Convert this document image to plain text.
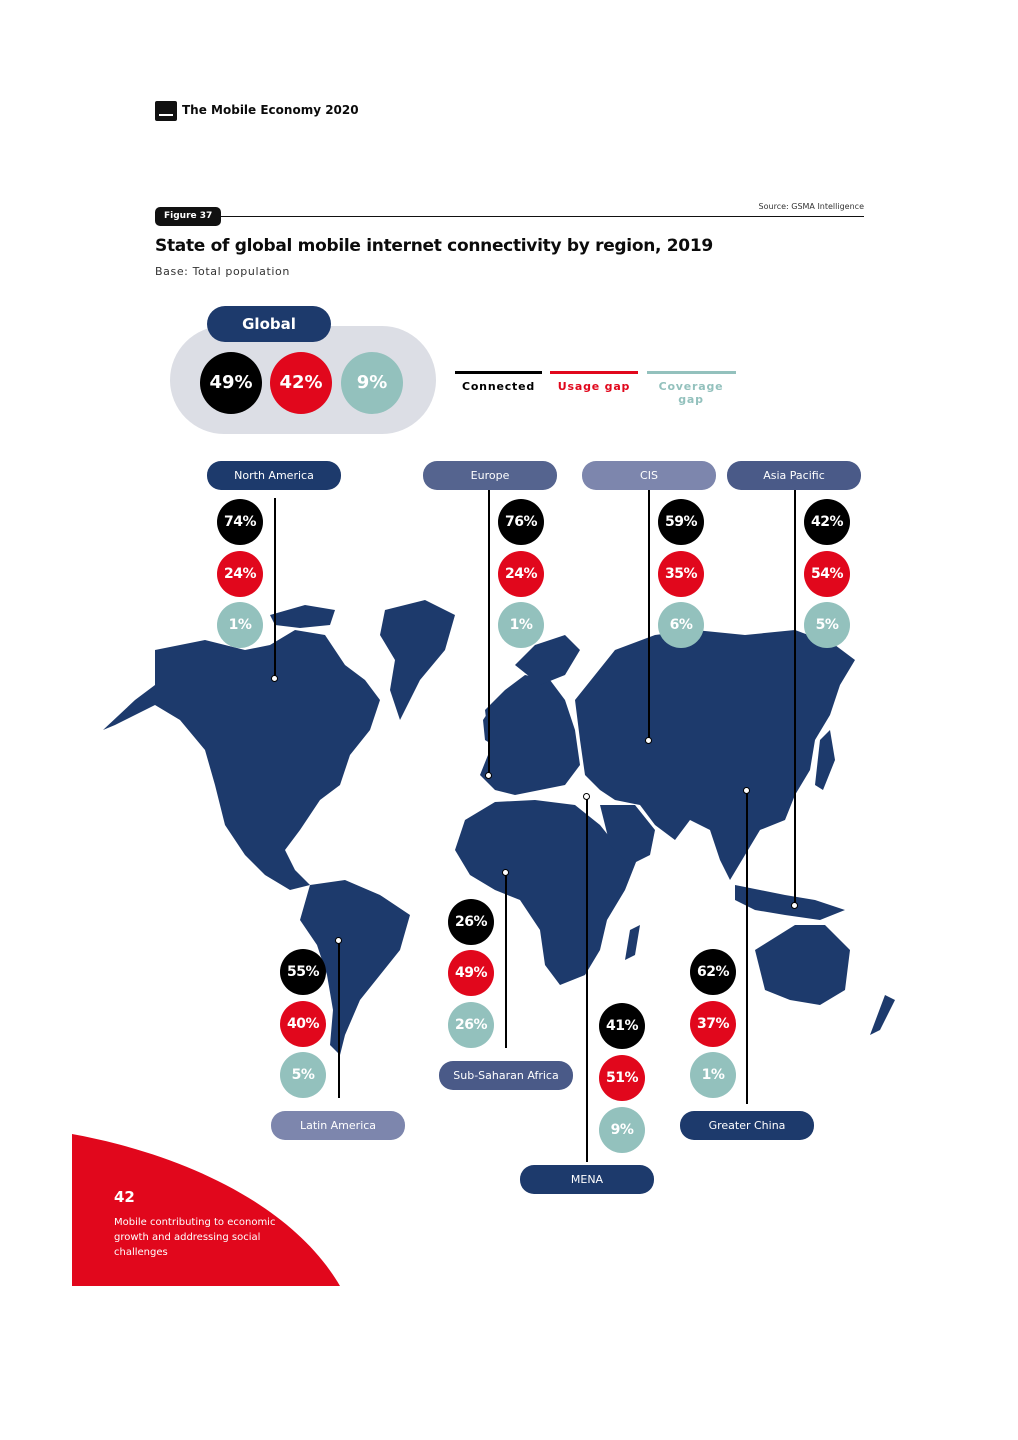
The Mobile Economy 2020
Figure 37
Source: GSMA Intelligence
State of global mobile internet connectivity by region, 2019
Base: Total population
Global
49%	42%	9%	Connected	Usage gap	Coverage gap
North America	Europe	CIS	Asia Pacific
74%
24%
1%
76%
24%
1%
59%
35%
6%
42%
54%
5%
55%
40%
5%
Latin America
26%
49%
26%
Sub-Saharan Africa
41%
51%
9%
MENA
62%
37%
1%
Greater China
42
Mobile contributing to economic growth and addressing social challenges
